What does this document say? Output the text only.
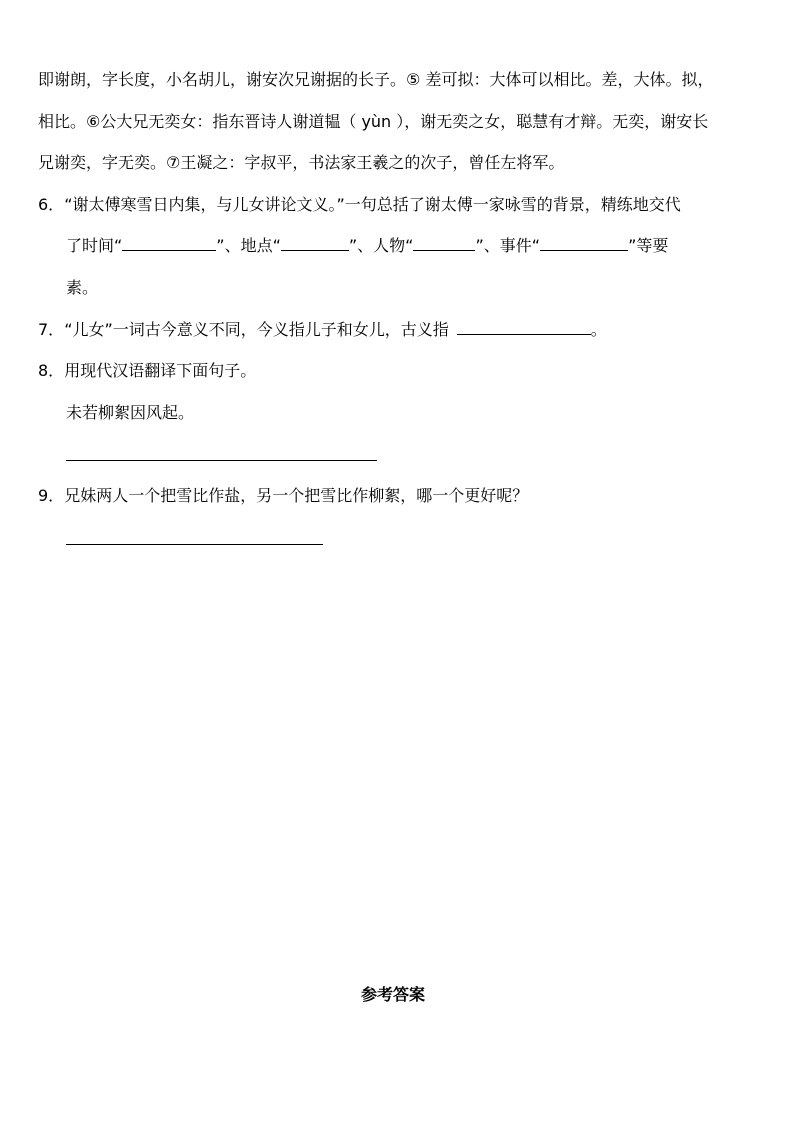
即谢朗，字长度，小名胡儿，谢安次兄谢据的长子。⑤ 差可拟：大体可以相比。差，大体。拟，
相比。⑥公大兄无奕女：指东晋诗人谢道韫（ yùn ），谢无奕之女，聪慧有才辩。无奕，谢安长
兄谢奕，字无奕。⑦王凝之：字叔平，书法家王羲之的次子，曾任左将军。
6．“谢太傅寒雪日内集，与儿女讲论文义。”一句总括了谢太傅一家咏雪的背景，精练地交代
了时间“	”、地点“	”、人物“	”、事件“	”等要
素。
7．“儿女”一词古今意义不同，今义指儿子和女儿，古义指	。
8．用现代汉语翻译下面句子。
未若柳絮因风起。
9．兄妹两人一个把雪比作盐，另一个把雪比作柳絮，哪一个更好呢？
参考答案
